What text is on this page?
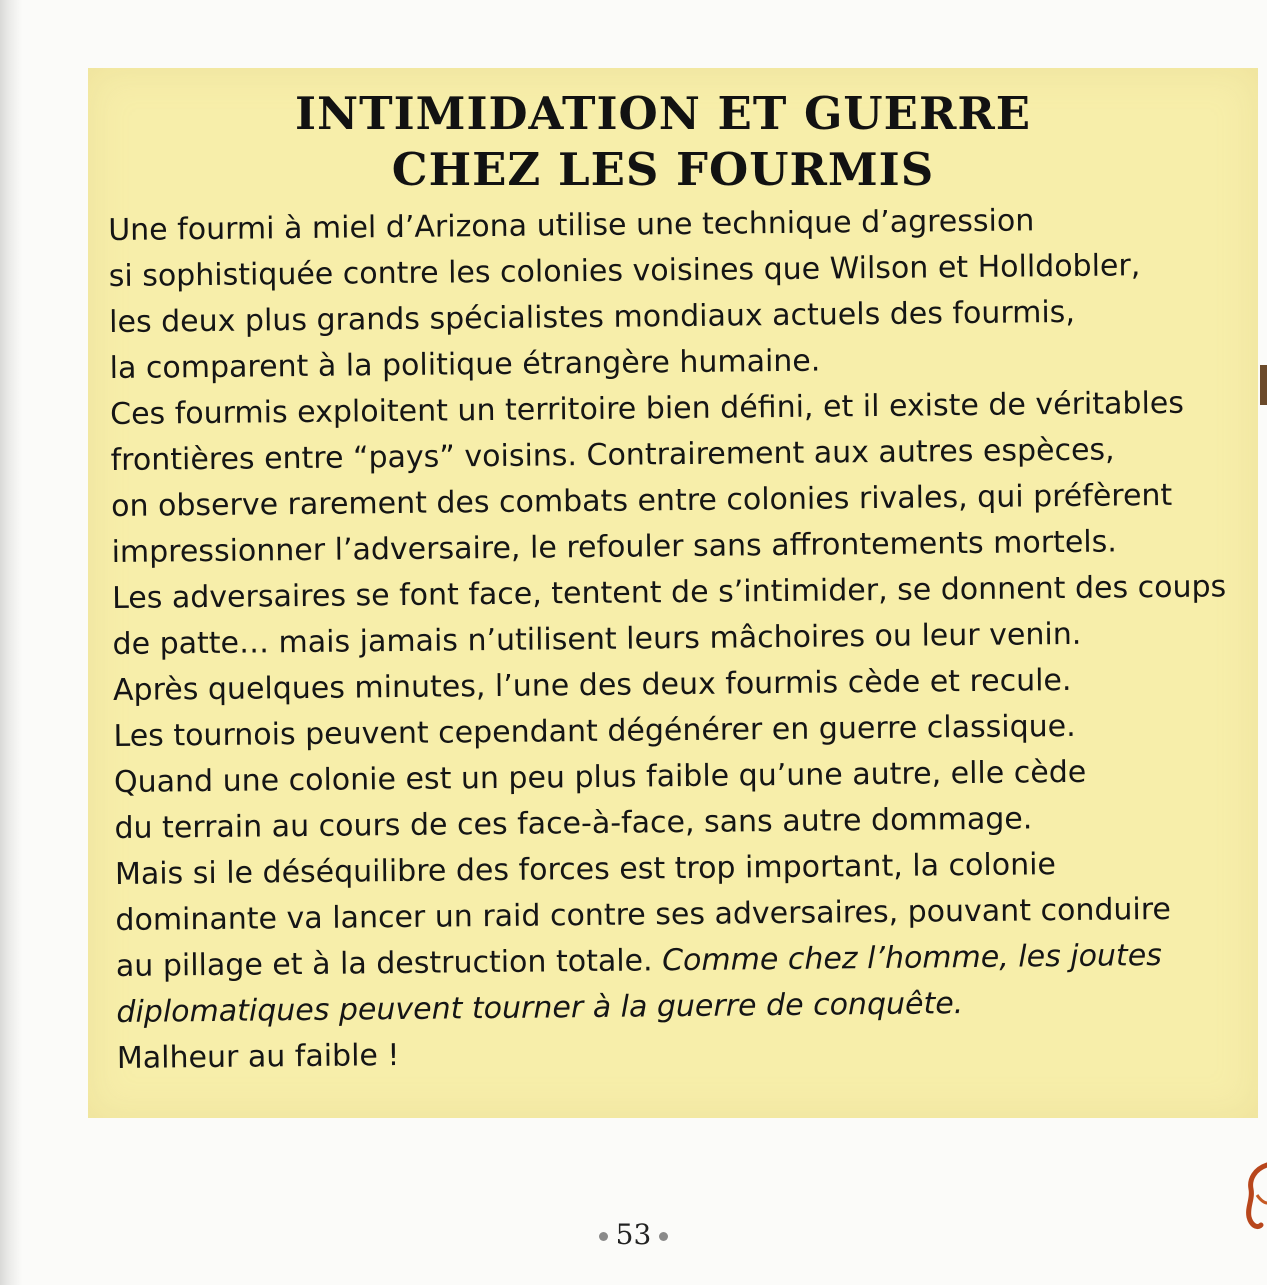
INTIMIDATION ET GUERRE
CHEZ LES FOURMIS
Une fourmi à miel d’Arizona utilise une technique d’agression
si sophistiquée contre les colonies voisines que Wilson et Holldobler,
les deux plus grands spécialistes mondiaux actuels des fourmis,
la comparent à la politique étrangère humaine.
Ces fourmis exploitent un territoire bien défini, et il existe de véritables
frontières entre “pays” voisins. Contrairement aux autres espèces,
on observe rarement des combats entre colonies rivales, qui préfèrent
impressionner l’adversaire, le refouler sans affrontements mortels.
Les adversaires se font face, tentent de s’intimider, se donnent des coups
de patte… mais jamais n’utilisent leurs mâchoires ou leur venin.
Après quelques minutes, l’une des deux fourmis cède et recule.
Les tournois peuvent cependant dégénérer en guerre classique.
Quand une colonie est un peu plus faible qu’une autre, elle cède
du terrain au cours de ces face-à-face, sans autre dommage.
Mais si le déséquilibre des forces est trop important, la colonie
dominante va lancer un raid contre ses adversaires, pouvant conduire
au pillage et à la destruction totale. Comme chez l’homme, les joutes
diplomatiques peuvent tourner à la guerre de conquête.
Malheur au faible !
53
